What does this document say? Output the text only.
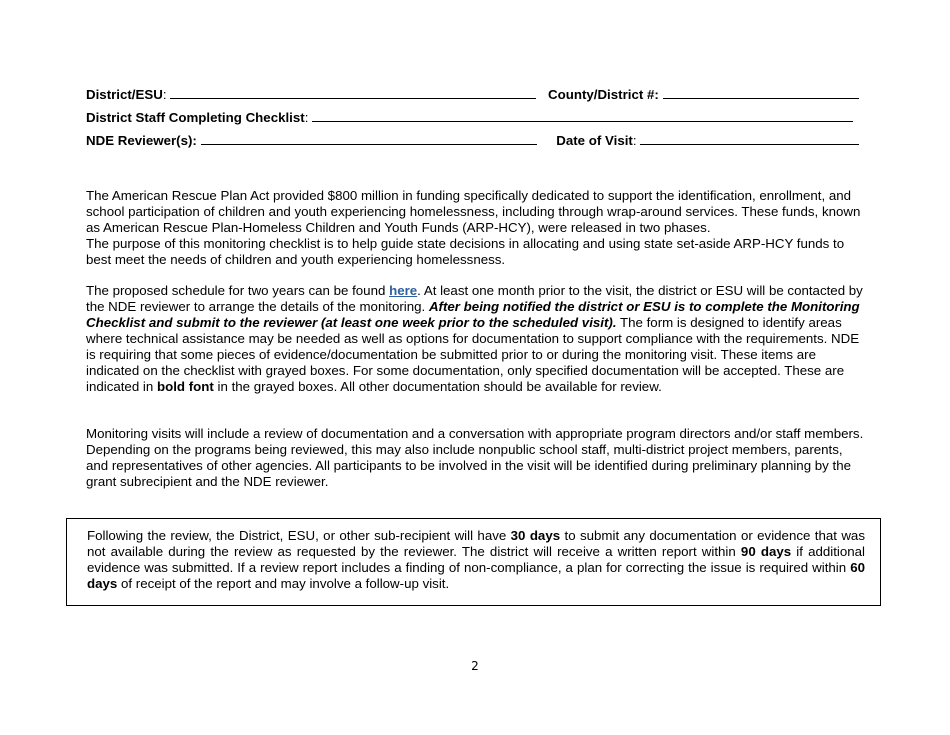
District/ESU:	County/District #:
District Staff Completing Checklist:
NDE Reviewer(s):	Date of Visit:

The American Rescue Plan Act provided $800 million in funding specifically dedicated to support the identification, enrollment, and school participation of children and youth experiencing homelessness, including through wrap-around services. These funds, known as American Rescue Plan-Homeless Children and Youth Funds (ARP-HCY), were released in two phases.

The purpose of this monitoring checklist is to help guide state decisions in allocating and using state set-aside ARP-HCY funds to best meet the needs of children and youth experiencing homelessness.

The proposed schedule for two years can be found here. At least one month prior to the visit, the district or ESU will be contacted by the NDE reviewer to arrange the details of the monitoring. After being notified the district or ESU is to complete the Monitoring Checklist and submit to the reviewer (at least one week prior to the scheduled visit). The form is designed to identify areas where technical assistance may be needed as well as options for documentation to support compliance with the requirements. NDE is requiring that some pieces of evidence/documentation be submitted prior to or during the monitoring visit. These items are indicated on the checklist with grayed boxes. For some documentation, only specified documentation will be accepted. These are indicated in bold font in the grayed boxes. All other documentation should be available for review.

Monitoring visits will include a review of documentation and a conversation with appropriate program directors and/or staff members. Depending on the programs being reviewed, this may also include nonpublic school staff, multi-district project members, parents, and representatives of other agencies. All participants to be involved in the visit will be identified during preliminary planning by the grant subrecipient and the NDE reviewer.

Following the review, the District, ESU, or other sub-recipient will have 30 days to submit any documentation or evidence that was not available during the review as requested by the reviewer. The district will receive a written report within 90 days if additional evidence was submitted. If a review report includes a finding of non-compliance, a plan for correcting the issue is required within 60 days of receipt of the report and may involve a follow-up visit.
2
